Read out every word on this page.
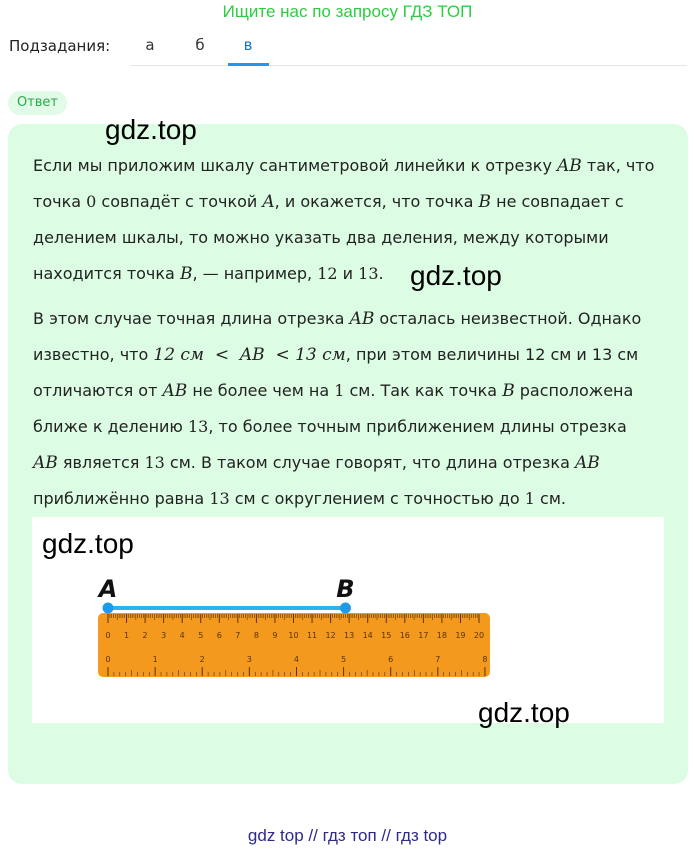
Ищите нас по запросу ГДЗ ТОП
Подзадания:	а	б	в
Ответ
Если мы приложим шкалу сантиметровой линейки к отрезку AB так, что
точка 0 совпадёт с точкой A, и окажется, что точка B не совпадает с
делением шкалы, то можно указать два деления, между которыми
находится точка B, — например, 12 и 13.
В этом случае точная длина отрезка AB осталась неизвестной. Однако
известно, что 12 см  <  AB  < 13 см, при этом величины 12 см и 13 см
отличаются от AB не более чем на 1 см. Так как точка B расположена
ближе к делению 13, то более точным приближением длины отрезка
AB является 13 см. В таком случае говорят, что длина отрезка AB
приближённо равна 13 см с округлением с точностью до 1 см.
0 1 2 3 4 5 6 7 8 9 10 11 12 13 14 15 16 17 18 19 20
0	1	2	3	4	5	6	7	8
A	B
gdz.top
gdz.top
gdz.top
gdz.top
gdz top // гдз топ // гдз top
